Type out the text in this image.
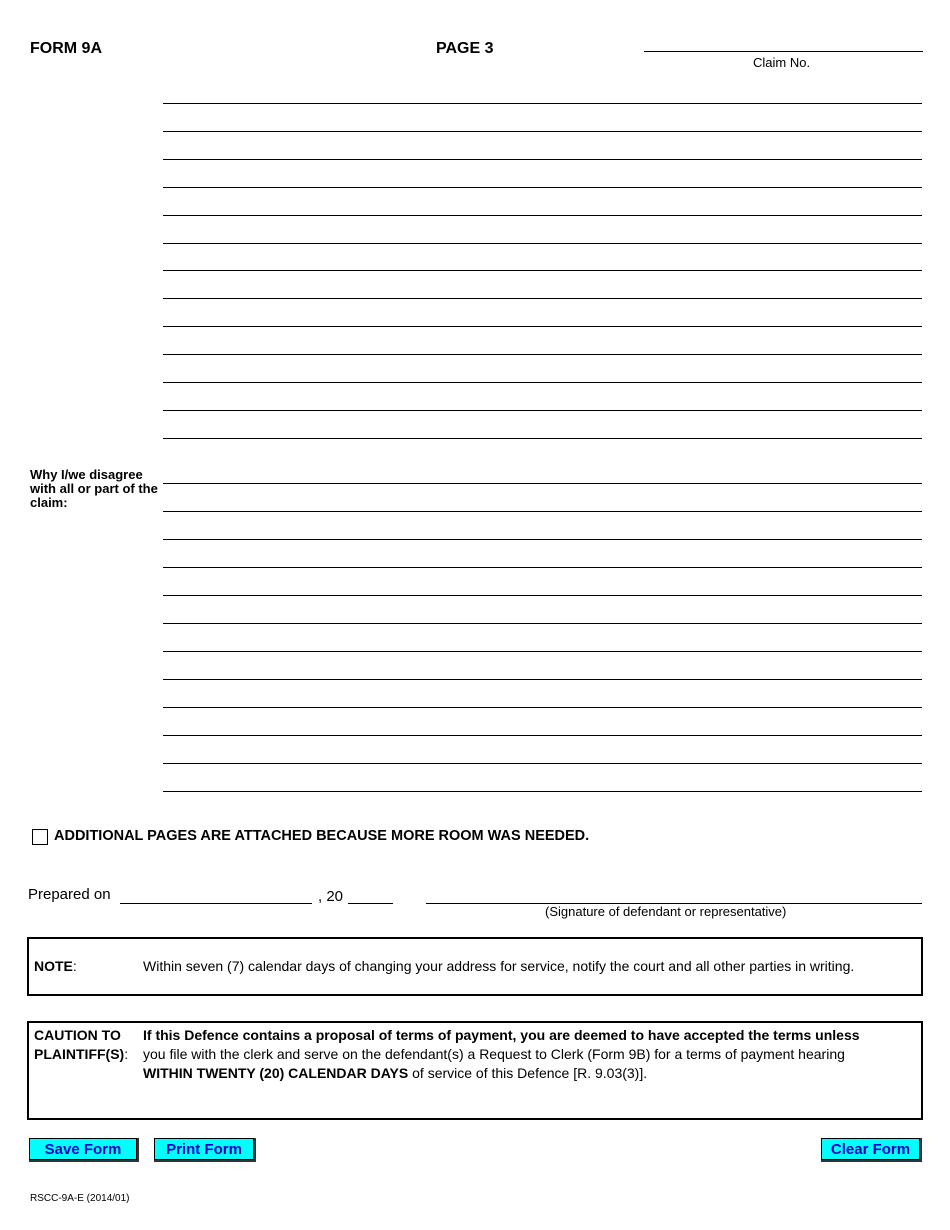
FORM 9A	PAGE 3
Claim No.
Why I/we disagree with all or part of the claim:
ADDITIONAL PAGES ARE ATTACHED BECAUSE MORE ROOM WAS NEEDED.
Prepared on	, 20
(Signature of defendant or representative)
NOTE:	Within seven (7) calendar days of changing your address for service, notify the court and all other parties in writing.
CAUTION TO
PLAINTIFF(S):
If this Defence contains a proposal of terms of payment, you are deemed to have accepted the terms unless
you file with the clerk and serve on the defendant(s) a Request to Clerk (Form 9B) for a terms of payment hearing
WITHIN TWENTY (20) CALENDAR DAYS of service of this Defence [R. 9.03(3)].
Save Form	Print Form	Clear Form
RSCC-9A-E (2014/01)
